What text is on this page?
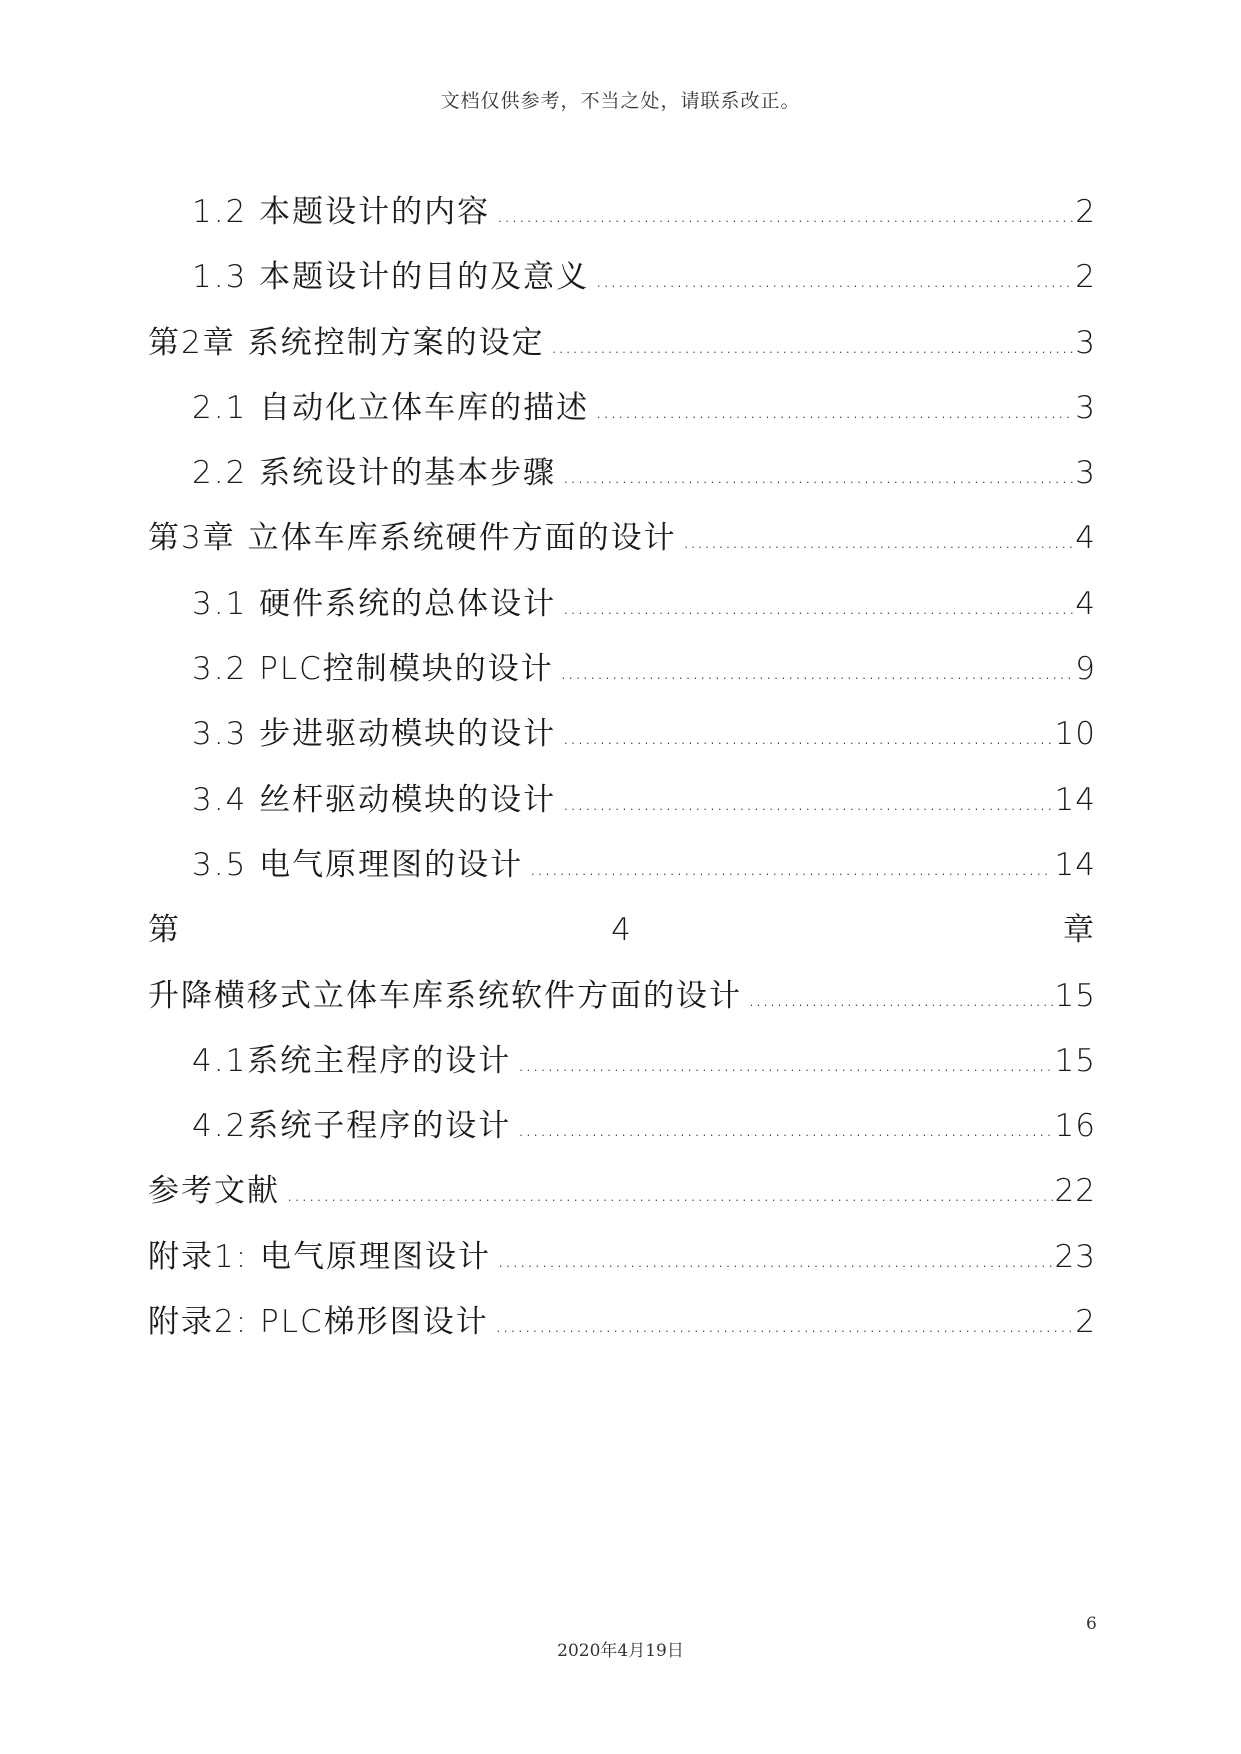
文档仅供参考，不当之处，请联系改正。
1.2 本题设计的内容 …………………………………………………………………………………………………………………………………………………………………	2
1.3 本题设计的目的及意义 …………………………………………………………………………………………………………………………………………………………………	2
第2章 系统控制方案的设定 .....	3
2.1 自动化立体车库的描述 …………………………………………………………………………………………………………………………………………………………………	3
2.2 系统设计的基本步骤 …………………………………………………………………………………………………………………………………………………………………	3
第3章 立体车库系统硬件方面的设计 .....	4
3.1 硬件系统的总体设计 …………………………………………………………………………………………………………………………………………………………………	4
3.2 PLC控制模块的设计 …………………………………………………………………………………………………………………………………………………………………	9
3.3 步进驱动模块的设计 …………………………………………………………………………………………………………………………………………………………………	10
3.4 丝杆驱动模块的设计 …………………………………………………………………………………………………………………………………………………………………	14
3.5 电气原理图的设计 …………………………………………………………………………………………………………………………………………………………………	14
第	4	章
升降横移式立体车库系统软件方面的设计 .....	15
4.1系统主程序的设计 …………………………………………………………………………………………………………………………………………………………………	15
4.2系统子程序的设计 …………………………………………………………………………………………………………………………………………………………………	16
参考文献 …………………………………………………………………………………………………………………………………………………………………	22
附录1: 电气原理图设计 …………………………………………………………………………………………………………………………………………………………………	23
附录2: PLC梯形图设计 …………………………………………………………………………………………………………………………………………………………………	2
6
2020年4月19日
